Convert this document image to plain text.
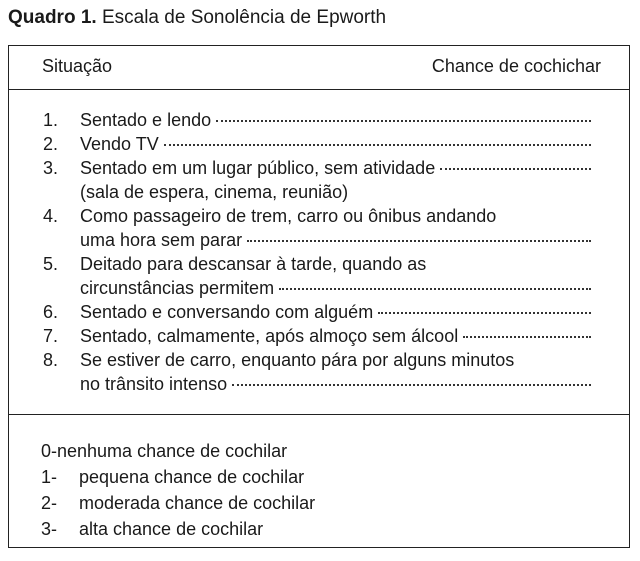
Quadro 1. Escala de Sonolência de Epworth
Situação	Chance de cochichar
1.	Sentado e lendo
2.	Vendo TV
3.	Sentado em um lugar público, sem atividade
(sala de espera, cinema, reunião)
4.	Como passageiro de trem, carro ou ônibus andando
uma hora sem parar
5.	Deitado para descansar à tarde, quando as
circunstâncias permitem
6.	Sentado e conversando com alguém
7.	Sentado, calmamente, após almoço sem álcool
8.	Se estiver de carro, enquanto pára por alguns minutos
no trânsito intenso
0-nenhuma chance de cochilar
1-	pequena chance de cochilar
2-	moderada chance de cochilar
3-	alta chance de cochilar
